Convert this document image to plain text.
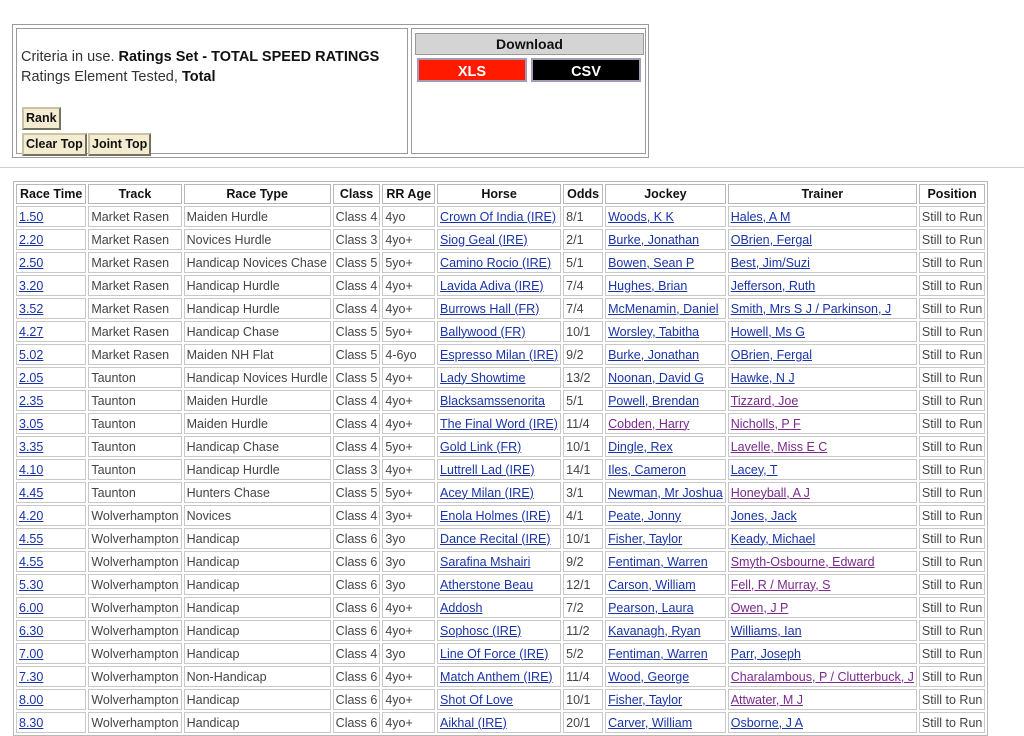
Criteria in use. Ratings Set - TOTAL SPEED RATINGS
Ratings Element Tested, Total
Rank
Clear Top Joint Top
Download
XLS	CSV
Race Time	Track	Race Type	Class	RR Age	Horse	Odds	Jockey	Trainer	Position
1.50	Market Rasen	Maiden Hurdle	Class 4	4yo	Crown Of India (IRE)	8/1	Woods, K K	Hales, A M	Still to Run
2.20	Market Rasen	Novices Hurdle	Class 3	4yo+	Siog Geal (IRE)	2/1	Burke, Jonathan	OBrien, Fergal	Still to Run
2.50	Market Rasen	Handicap Novices Chase	Class 5	5yo+	Camino Rocio (IRE)	5/1	Bowen, Sean P	Best, Jim/Suzi	Still to Run
3.20	Market Rasen	Handicap Hurdle	Class 4	4yo+	Lavida Adiva (IRE)	7/4	Hughes, Brian	Jefferson, Ruth	Still to Run
3.52	Market Rasen	Handicap Hurdle	Class 4	4yo+	Burrows Hall (FR)	7/4	McMenamin, Daniel	Smith, Mrs S J / Parkinson, J	Still to Run
4.27	Market Rasen	Handicap Chase	Class 5	5yo+	Ballywood (FR)	10/1	Worsley, Tabitha	Howell, Ms G	Still to Run
5.02	Market Rasen	Maiden NH Flat	Class 5	4-6yo	Espresso Milan (IRE)	9/2	Burke, Jonathan	OBrien, Fergal	Still to Run
2.05	Taunton	Handicap Novices Hurdle	Class 5	4yo+	Lady Showtime	13/2	Noonan, David G	Hawke, N J	Still to Run
2.35	Taunton	Maiden Hurdle	Class 4	4yo+	Blacksamssenorita	5/1	Powell, Brendan	Tizzard, Joe	Still to Run
3.05	Taunton	Maiden Hurdle	Class 4	4yo+	The Final Word (IRE)	11/4	Cobden, Harry	Nicholls, P F	Still to Run
3.35	Taunton	Handicap Chase	Class 4	5yo+	Gold Link (FR)	10/1	Dingle, Rex	Lavelle, Miss E C	Still to Run
4.10	Taunton	Handicap Hurdle	Class 3	4yo+	Luttrell Lad (IRE)	14/1	Iles, Cameron	Lacey, T	Still to Run
4.45	Taunton	Hunters Chase	Class 5	5yo+	Acey Milan (IRE)	3/1	Newman, Mr Joshua	Honeyball, A J	Still to Run
4.20	Wolverhampton	Novices	Class 4	3yo+	Enola Holmes (IRE)	4/1	Peate, Jonny	Jones, Jack	Still to Run
4.55	Wolverhampton	Handicap	Class 6	3yo	Dance Recital (IRE)	10/1	Fisher, Taylor	Keady, Michael	Still to Run
4.55	Wolverhampton	Handicap	Class 6	3yo	Sarafina Mshairi	9/2	Fentiman, Warren	Smyth-Osbourne, Edward	Still to Run
5.30	Wolverhampton	Handicap	Class 6	3yo	Atherstone Beau	12/1	Carson, William	Fell, R / Murray, S	Still to Run
6.00	Wolverhampton	Handicap	Class 6	4yo+	Addosh	7/2	Pearson, Laura	Owen, J P	Still to Run
6.30	Wolverhampton	Handicap	Class 6	4yo+	Sophosc (IRE)	11/2	Kavanagh, Ryan	Williams, Ian	Still to Run
7.00	Wolverhampton	Handicap	Class 4	3yo	Line Of Force (IRE)	5/2	Fentiman, Warren	Parr, Joseph	Still to Run
7.30	Wolverhampton	Non-Handicap	Class 6	4yo+	Match Anthem (IRE)	11/4	Wood, George	Charalambous, P / Clutterbuck, J	Still to Run
8.00	Wolverhampton	Handicap	Class 6	4yo+	Shot Of Love	10/1	Fisher, Taylor	Attwater, M J	Still to Run
8.30	Wolverhampton	Handicap	Class 6	4yo+	Aikhal (IRE)	20/1	Carver, William	Osborne, J A	Still to Run
